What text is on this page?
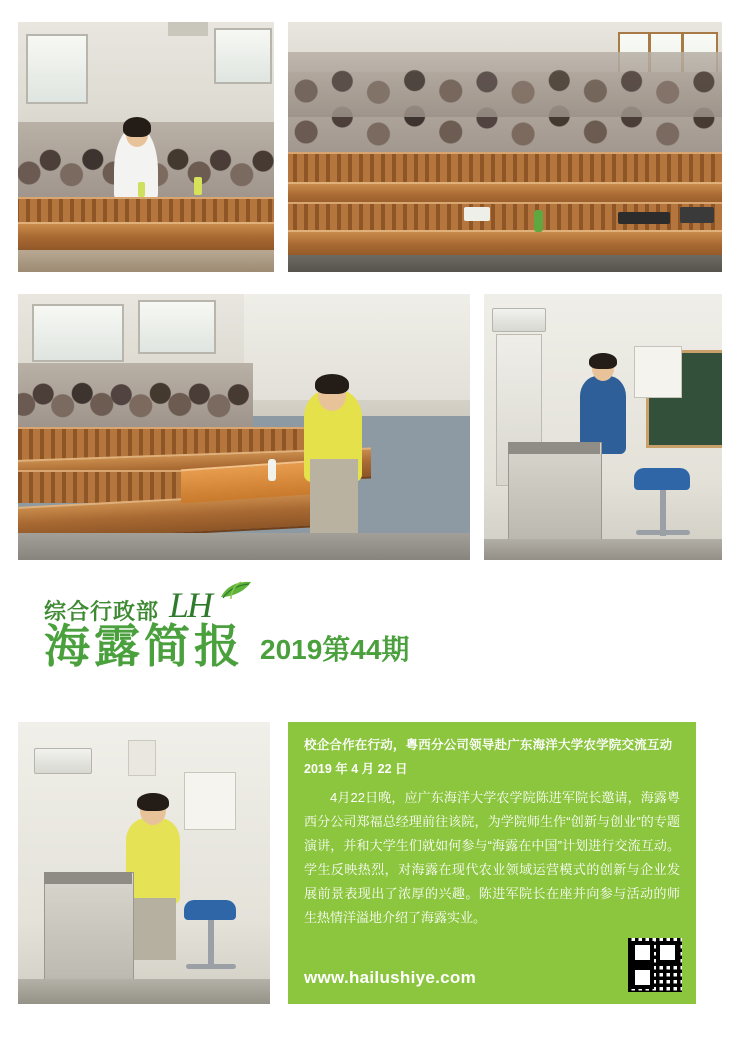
综合行政部 LH
海露简报 2019第44期
校企合作在行动，粤西分公司领导赴广东海洋大学农学院交流互动
2019 年 4 月 22 日
4月22日晚，应广东海洋大学农学院陈进军院长邀请，海露粤西分公司郑福总经理前往该院，为学院师生作“创新与创业”的专题演讲，并和大学生们就如何参与“海露在中国”计划进行交流互动。学生反映热烈，对海露在现代农业领域运营模式的创新与企业发展前景表现出了浓厚的兴趣。陈进军院长在座并向参与活动的师生热情洋溢地介绍了海露实业。
www.hailushiye.com
